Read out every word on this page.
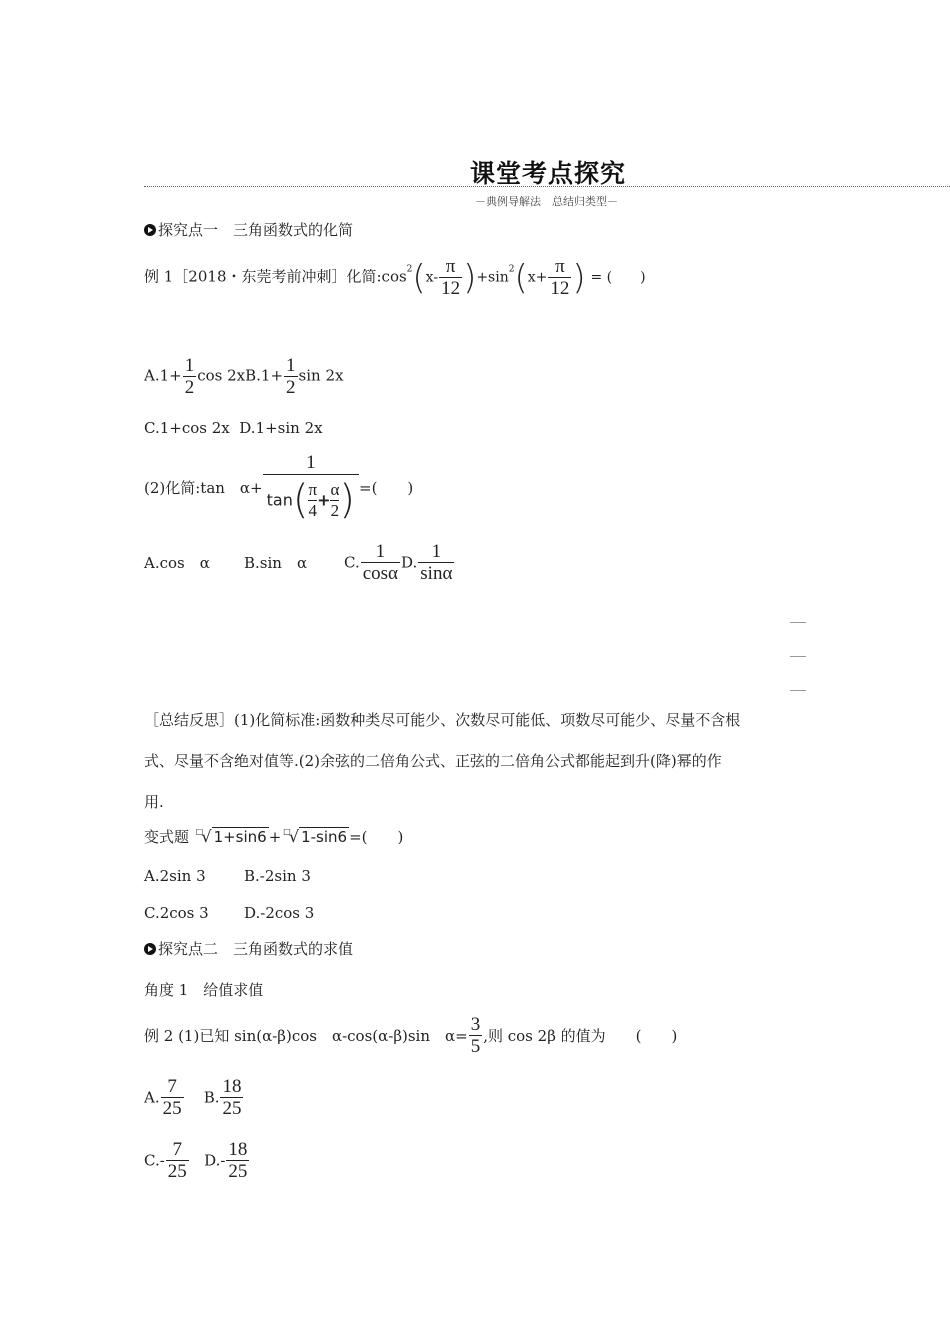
课堂考点探究
－典例导解法　总结归类型－
探究点一　三角函数式的化简
例 1［2018・东莞考前冲刺］化简$:\cos^2(x- \frac{\pi}{12} )+\sin^2(x+ \frac{\pi}{12}$ ) = (　　)
$A.1+ \frac{1}{2}$ $\cos 2xB.1+ \frac{1}{2}$ sin 2x
C.1+cos 2x D.1+sin 2x
(2)化简:tan　$\alpha+ \frac{1}{\tan( \frac{\pi}{4} + \frac{\alpha}{2} )}$ =(　　)
A.cos　α B.sin　α C. $\frac{1}{\cos\alpha} D$. $\frac{1}{\sin\alpha}$
［总结反思］(1)化简标准:函数种类尽可能少、次数尽可能低、项数尽可能少、尽量不含根
式、尽量不含绝对值等.(2)余弦的二倍角公式、正弦的二倍角公式都能起到升(降)幂的作
用.
变式题 □√ 1+sin6 + □√ 1-sin6 =(　　)
A.2sin 3	B.-2sin 3
C.2cos 3 D.-2cos 3
探究点二　三角函数式的求值
角度 1　给值求值
例 2 (1)已知 sin(α-β)cos　α-cos(α-β)sin　$\alpha= \frac{3}{5}$ ,则 cos 2β 的值为　　(　　)
A. $\frac{7}{25} B$. $\frac{18}{25}$
$C.- \frac{7}{25} D.- \frac{18}{25}$
